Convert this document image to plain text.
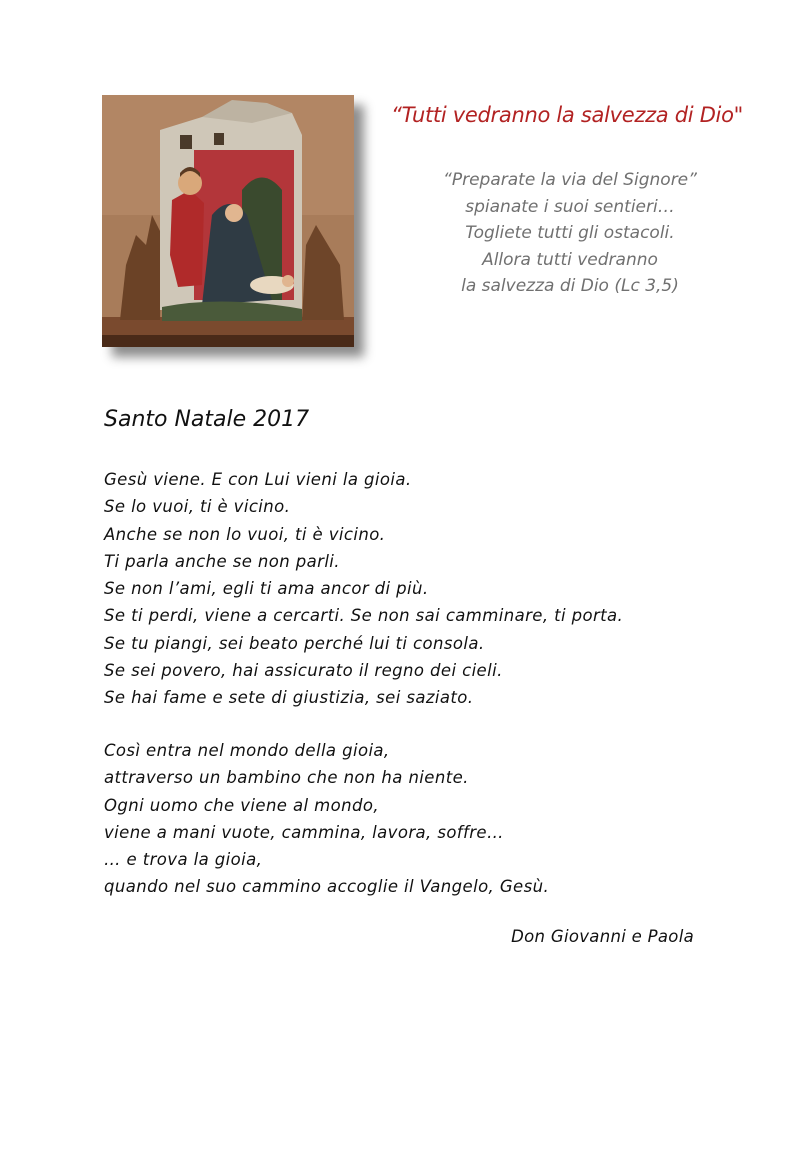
“Tutti vedranno la salvezza di Dio"
“Preparate la via del Signore”
spianate i suoi sentieri…
Togliete tutti gli ostacoli.
Allora tutti vedranno
la salvezza di Dio (Lc 3,5)
Santo Natale 2017
Gesù viene. E con Lui vieni la gioia.
Se lo vuoi, ti è vicino.
Anche se non lo vuoi, ti è vicino.
Ti parla anche se non parli.
Se non l’ami, egli ti ama ancor di più.
Se ti perdi, viene a cercarti. Se non sai camminare, ti porta.
Se tu piangi, sei beato perché lui ti consola.
Se sei povero, hai assicurato il regno dei cieli.
Se hai fame e sete di giustizia, sei saziato.
Così entra nel mondo della gioia,
attraverso un bambino che non ha niente.
Ogni uomo che viene al mondo,
viene a mani vuote, cammina, lavora, soffre…
… e trova la gioia,
quando nel suo cammino accoglie il Vangelo, Gesù.
Don Giovanni e Paola
